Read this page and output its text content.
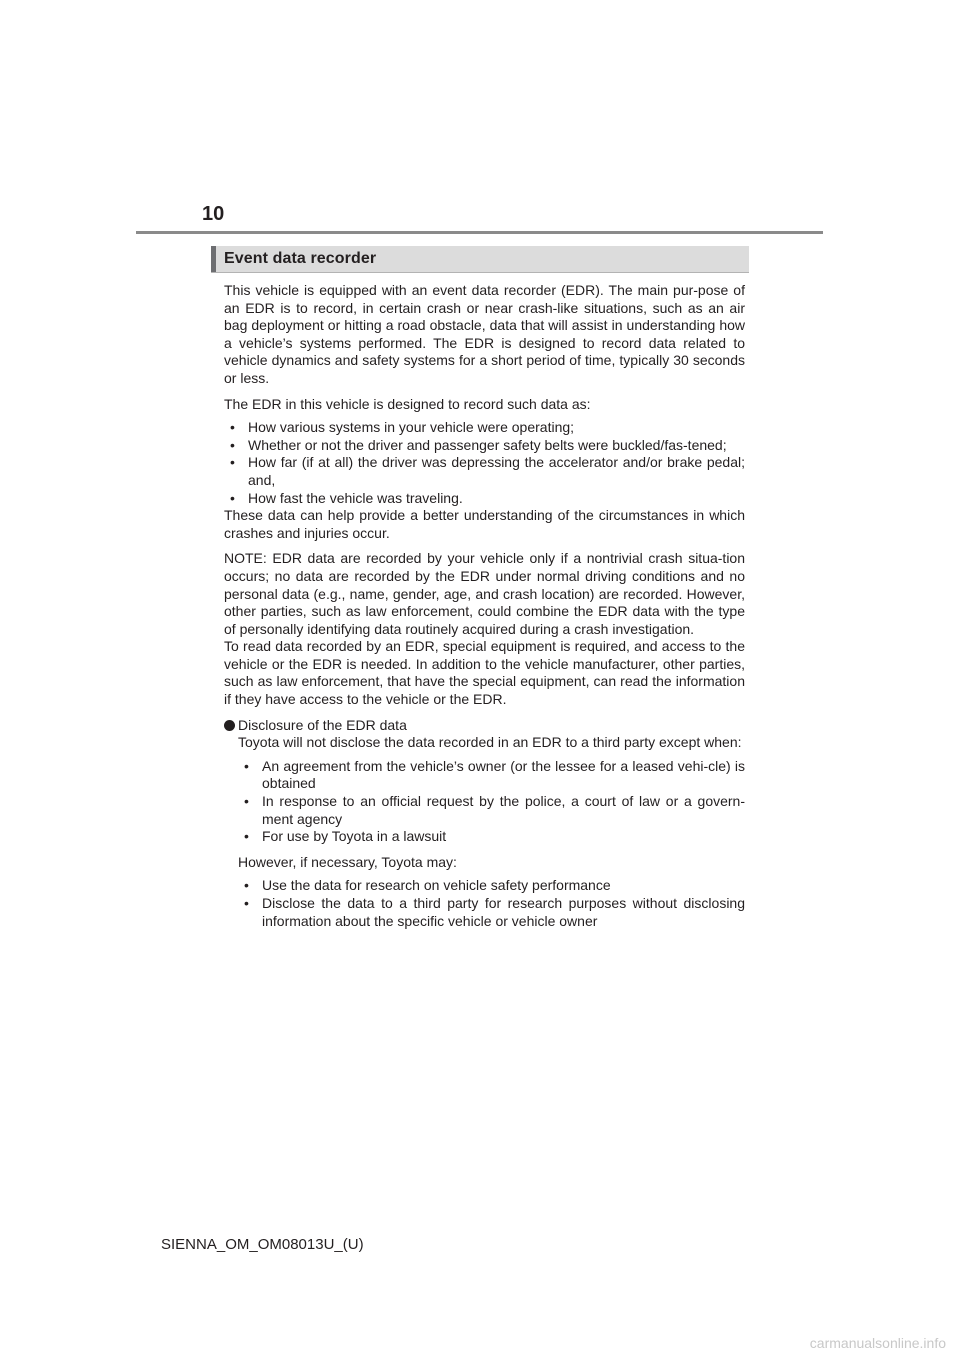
10

Event data recorder

This vehicle is equipped with an event data recorder (EDR). The main pur-pose of an EDR is to record, in certain crash or near crash-like situations, such as an air bag deployment or hitting a road obstacle, data that will assist in understanding how a vehicle’s systems performed. The EDR is designed to record data related to vehicle dynamics and safety systems for a short period of time, typically 30 seconds or less.

The EDR in this vehicle is designed to record such data as:

• How various systems in your vehicle were operating;
• Whether or not the driver and passenger safety belts were buckled/fas-tened;
• How far (if at all) the driver was depressing the accelerator and/or brake pedal; and,
• How fast the vehicle was traveling.

These data can help provide a better understanding of the circumstances in which crashes and injuries occur.

NOTE: EDR data are recorded by your vehicle only if a nontrivial crash situa-tion occurs; no data are recorded by the EDR under normal driving conditions and no personal data (e.g., name, gender, age, and crash location) are recorded. However, other parties, such as law enforcement, could combine the EDR data with the type of personally identifying data routinely acquired during a crash investigation.

To read data recorded by an EDR, special equipment is required, and access to the vehicle or the EDR is needed. In addition to the vehicle manufacturer, other parties, such as law enforcement, that have the special equipment, can read the information if they have access to the vehicle or the EDR.

Disclosure of the EDR data

Toyota will not disclose the data recorded in an EDR to a third party except when:

• An agreement from the vehicle’s owner (or the lessee for a leased vehi-cle) is obtained
• In response to an official request by the police, a court of law or a govern-ment agency
• For use by Toyota in a lawsuit

However, if necessary, Toyota may:

• Use the data for research on vehicle safety performance
• Disclose the data to a third party for research purposes without disclosing information about the specific vehicle or vehicle owner

SIENNA_OM_OM08013U_(U)

carmanualsonline.info
